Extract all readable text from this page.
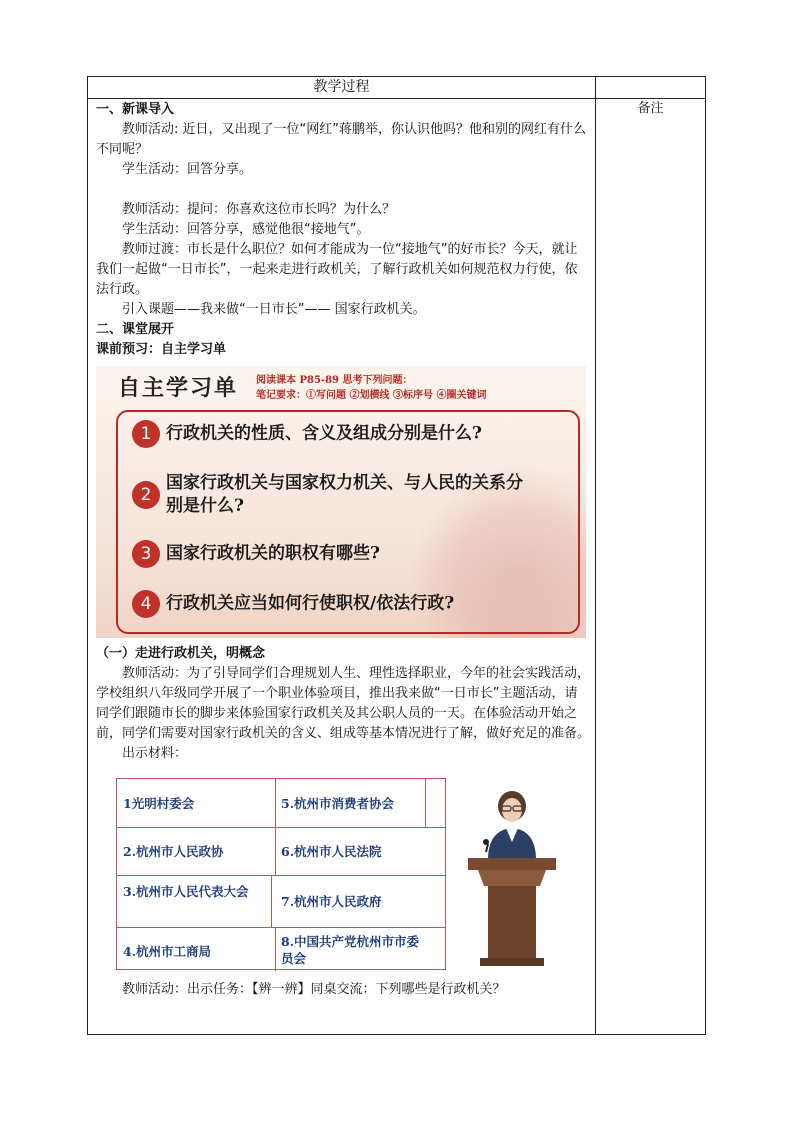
教学过程
备注

一、新课导入

教师活动: 近日，又出现了一位“网红”蒋鹏举，你认识他吗？他和别的网红有什么不同呢？

学生活动：回答分享。

教师活动：提问：你喜欢这位市长吗？为什么？

学生活动：回答分享，感觉他很“接地气”。

教师过渡：市长是什么职位？如何才能成为一位“接地气”的好市长？今天，就让我们一起做“一日市长”，一起来走进行政机关，了解行政机关如何规范权力行使，依法行政。

引入课题——我来做“一日市长”—— 国家行政机关。

二、课堂展开

课前预习：自主学习单

自主学习单 阅读课本 P85-89 思考下列问题：
笔记要求：①写问题 ②划横线 ③标序号 ④圈关键词
1 行政机关的性质、含义及组成分别是什么?
2国家行政机关与国家权力机关、与人民的关系分别是什么?
3 国家行政机关的职权有哪些?
4 行政机关应当如何行使职权/依法行政?

（一）走进行政机关，明概念

教师活动：为了引导同学们合理规划人生、理性选择职业，今年的社会实践活动，学校组织八年级同学开展了一个职业体验项目，推出我来做“一日市长”主题活动，请同学们跟随市长的脚步来体验国家行政机关及其公职人员的一天。在体验活动开始之前，同学们需要对国家行政机关的含义、组成等基本情况进行了解，做好充足的准备。

出示材料：

1光明村委会
2.杭州市人民政协
3.杭州市人民代表大会
4.杭州市工商局
5.杭州市消费者协会
6.杭州市人民法院
7.杭州市人民政府
8.中国共产党杭州市市委员会

教师活动：出示任务：【辨一辨】同桌交流：下列哪些是行政机关？
